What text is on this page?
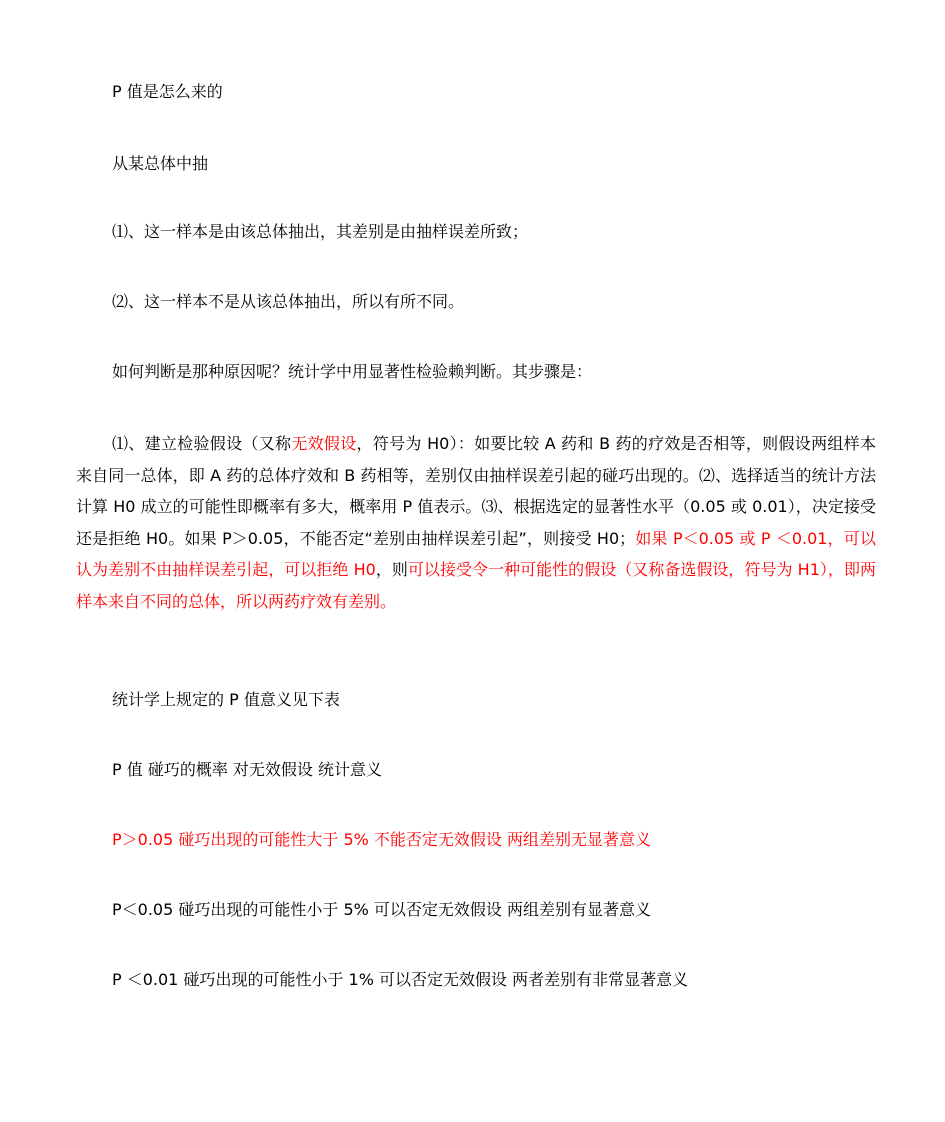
P 值是怎么来的

从某总体中抽

⑴、这一样本是由该总体抽出，其差别是由抽样误差所致；

⑵、这一样本不是从该总体抽出，所以有所不同。

如何判断是那种原因呢？统计学中用显著性检验赖判断。其步骤是：

⑴、建立检验假设（又称无效假设，符号为 H0）：如要比较 A 药和 B 药的疗效是否相等，则假设两组样本来自同一总体，即 A 药的总体疗效和 B 药相等，差别仅由抽样误差引起的碰巧出现的。⑵、选择适当的统计方法计算 H0 成立的可能性即概率有多大，概率用 P 值表示。⑶、根据选定的显著性水平（0.05 或 0.01），决定接受还是拒绝 H0。如果 P＞0.05，不能否定“差别由抽样误差引起”，则接受 H0；如果 P＜0.05 或 P ＜0.01，可以认为差别不由抽样误差引起，可以拒绝 H0，则可以接受令一种可能性的假设（又称备选假设，符号为 H1），即两样本来自不同的总体，所以两药疗效有差别。

统计学上规定的 P 值意义见下表

P 值 碰巧的概率 对无效假设 统计意义

P＞0.05 碰巧出现的可能性大于 5% 不能否定无效假设 两组差别无显著意义

P＜0.05 碰巧出现的可能性小于 5% 可以否定无效假设 两组差别有显著意义

P ＜0.01 碰巧出现的可能性小于 1% 可以否定无效假设 两者差别有非常显著意义
